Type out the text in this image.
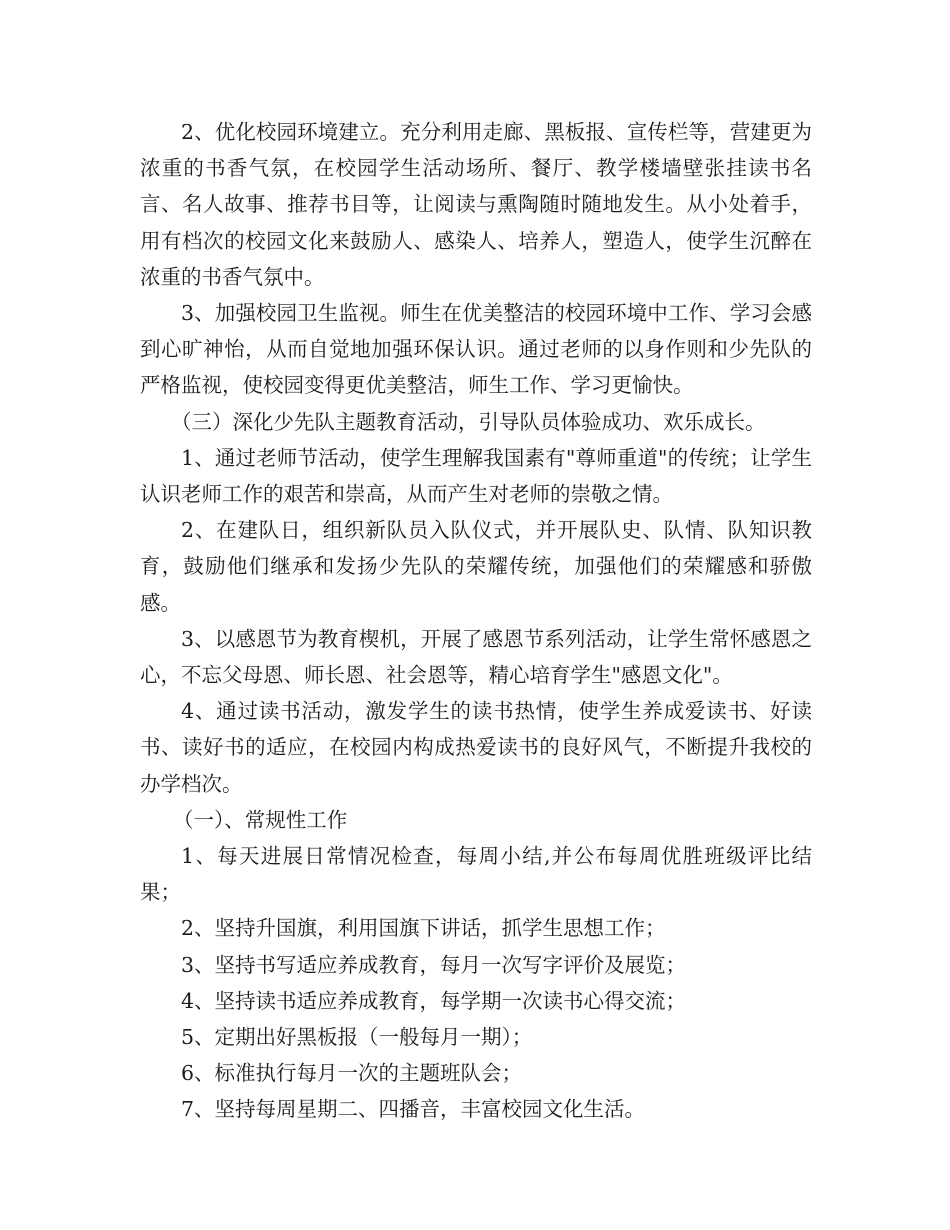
2、优化校园环境建立。充分利用走廊、黑板报、宣传栏等，营建更为浓重的书香气氛，在校园学生活动场所、餐厅、教学楼墙壁张挂读书名言、名人故事、推荐书目等，让阅读与熏陶随时随地发生。从小处着手，用有档次的校园文化来鼓励人、感染人、培养人，塑造人，使学生沉醉在浓重的书香气氛中。

3、加强校园卫生监视。师生在优美整洁的校园环境中工作、学习会感到心旷神怡，从而自觉地加强环保认识。通过老师的以身作则和少先队的严格监视，使校园变得更优美整洁，师生工作、学习更愉快。

（三）深化少先队主题教育活动，引导队员体验成功、欢乐成长。

1、通过老师节活动，使学生理解我国素有"尊师重道"的传统；让学生认识老师工作的艰苦和崇高，从而产生对老师的崇敬之情。

2、在建队日，组织新队员入队仪式，并开展队史、队情、队知识教育，鼓励他们继承和发扬少先队的荣耀传统，加强他们的荣耀感和骄傲感。

3、以感恩节为教育楔机，开展了感恩节系列活动，让学生常怀感恩之心，不忘父母恩、师长恩、社会恩等，精心培育学生"感恩文化"。

4、通过读书活动，激发学生的读书热情，使学生养成爱读书、好读书、读好书的适应，在校园内构成热爱读书的良好风气，不断提升我校的办学档次。

（一）、常规性工作

1、每天进展日常情况检查，每周小结,并公布每周优胜班级评比结果；

2、坚持升国旗，利用国旗下讲话，抓学生思想工作；

3、坚持书写适应养成教育，每月一次写字评价及展览；

4、坚持读书适应养成教育，每学期一次读书心得交流；

5、定期出好黑板报（一般每月一期）；

6、标准执行每月一次的主题班队会；

7、坚持每周星期二、四播音，丰富校园文化生活。
